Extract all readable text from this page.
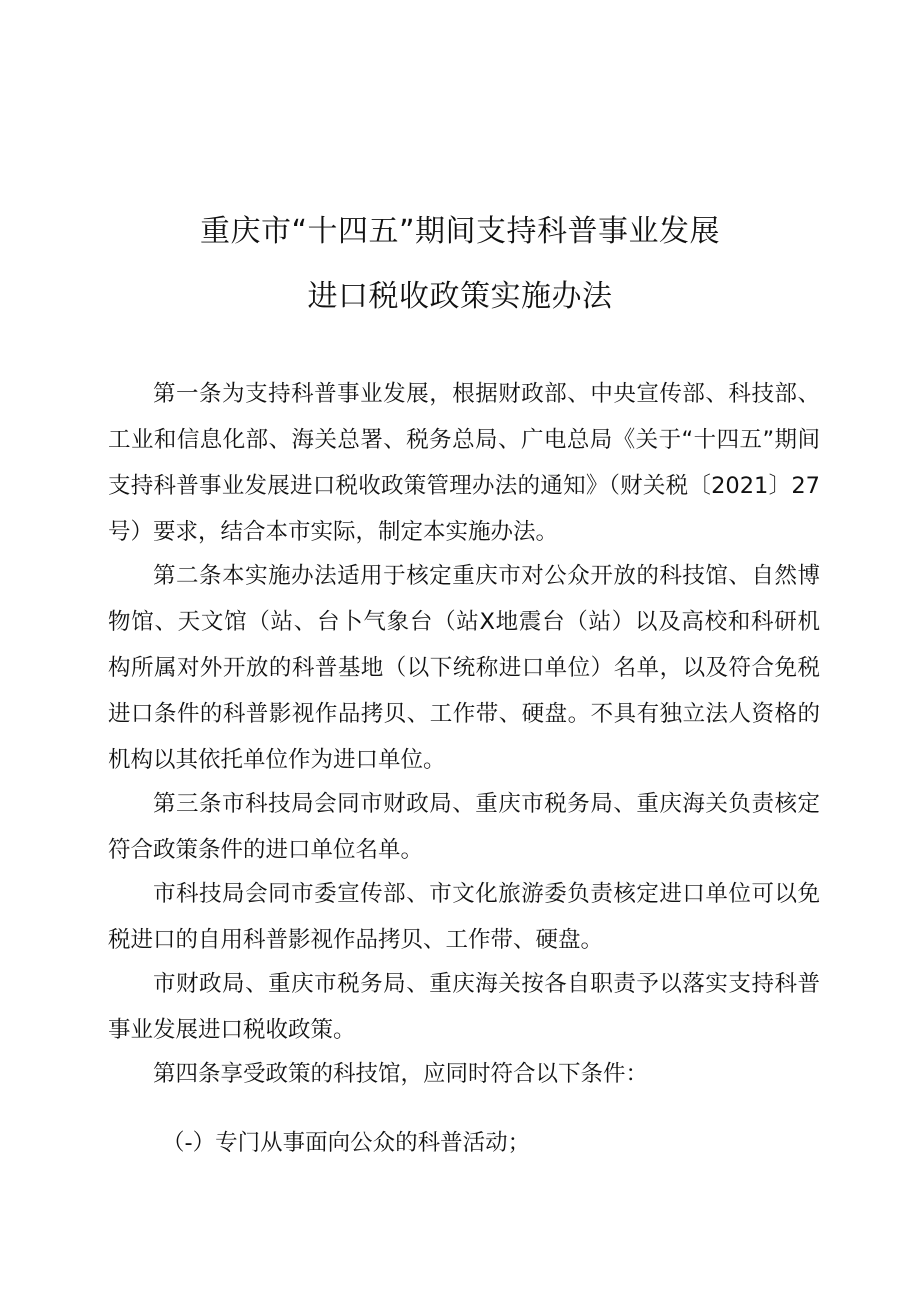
重庆市“十四五”期间支持科普事业发展
进口税收政策实施办法

第一条为支持科普事业发展，根据财政部、中央宣传部、科技部、工业和信息化部、海关总署、税务总局、广电总局《关于“十四五”期间支持科普事业发展进口税收政策管理办法的通知》（财关税〔2021〕27号）要求，结合本市实际，制定本实施办法。

第二条本实施办法适用于核定重庆市对公众开放的科技馆、自然博物馆、天文馆（站、台卜气象台（站X地震台（站）以及高校和科研机构所属对外开放的科普基地（以下统称进口单位）名单，以及符合免税进口条件的科普影视作品拷贝、工作带、硬盘。不具有独立法人资格的机构以其依托单位作为进口单位。

第三条市科技局会同市财政局、重庆市税务局、重庆海关负责核定符合政策条件的进口单位名单。

市科技局会同市委宣传部、市文化旅游委负责核定进口单位可以免税进口的自用科普影视作品拷贝、工作带、硬盘。

市财政局、重庆市税务局、重庆海关按各自职责予以落实支持科普事业发展进口税收政策。

第四条享受政策的科技馆，应同时符合以下条件：

（-）专门从事面向公众的科普活动；
